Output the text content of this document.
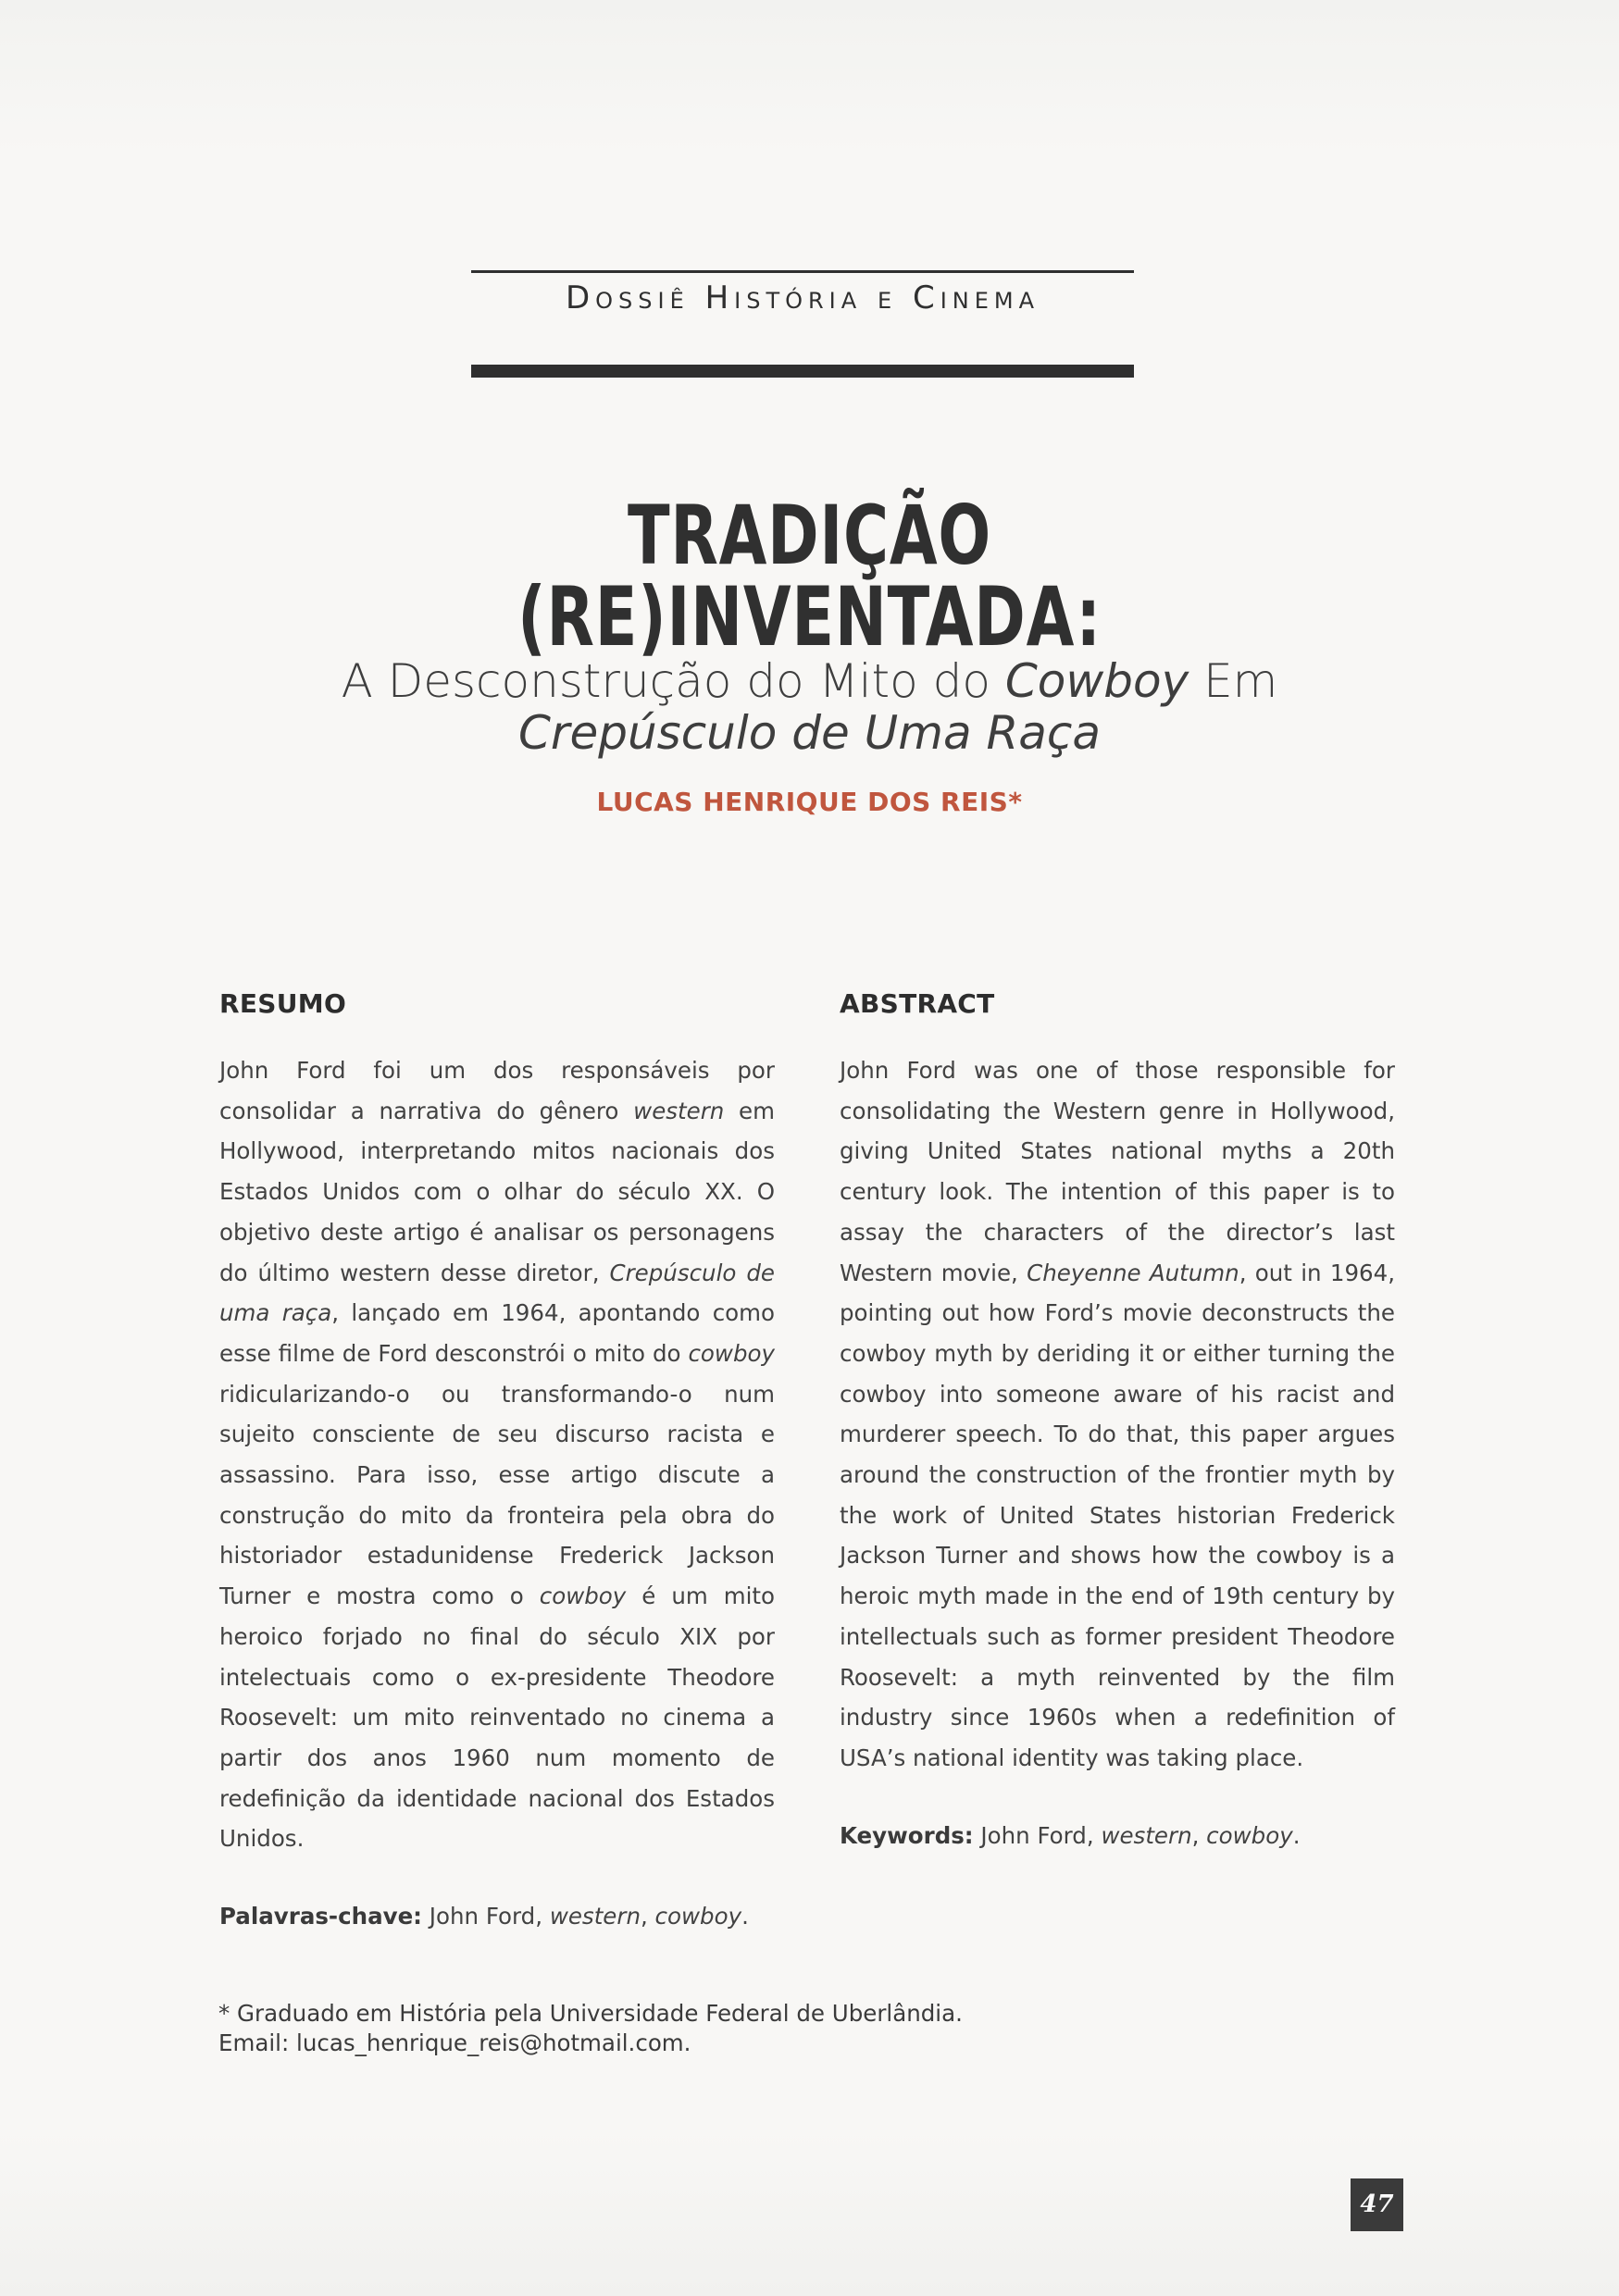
Dossiê História e Cinema
TRADIÇÃO (RE)INVENTADA:
A Desconstrução do Mito do Cowboy Em Crepúsculo de Uma Raça
LUCAS HENRIQUE DOS REIS*
RESUMO

John Ford foi um dos responsáveis por consolidar a narrativa do gênero western em Hollywood, interpretando mitos nacionais dos Estados Unidos com o olhar do século XX. O objetivo deste artigo é analisar os personagens do último western desse diretor, Crepúsculo de uma raça, lançado em 1964, apontando como esse filme de Ford desconstrói o mito do cowboy ridicularizando-o ou transformando-o num sujeito consciente de seu discurso racista e assassino. Para isso, esse artigo discute a construção do mito da fronteira pela obra do historiador estadunidense Frederick Jackson Turner e mostra como o cowboy é um mito heroico forjado no final do século XIX por intelectuais como o ex-presidente Theodore Roosevelt: um mito reinventado no cinema a partir dos anos 1960 num momento de redefinição da identidade nacional dos Estados Unidos.

Palavras-chave: John Ford, western, cowboy.
ABSTRACT

John Ford was one of those responsible for consolidating the Western genre in Hollywood, giving United States national myths a 20th century look. The intention of this paper is to assay the characters of the director’s last Western movie, Cheyenne Autumn, out in 1964, pointing out how Ford’s movie deconstructs the cowboy myth by deriding it or either turning the cowboy into someone aware of his racist and murderer speech. To do that, this paper argues around the construction of the frontier myth by the work of United States historian Frederick Jackson Turner and shows how the cowboy is a heroic myth made in the end of 19th century by intellectuals such as former president Theodore Roosevelt: a myth reinvented by the film industry since 1960s when a redefinition of USA’s national identity was taking place.

Keywords: John Ford, western, cowboy.
* Graduado em História pela Universidade Federal de Uberlândia.
Email: lucas_henrique_reis@hotmail.com.
47
